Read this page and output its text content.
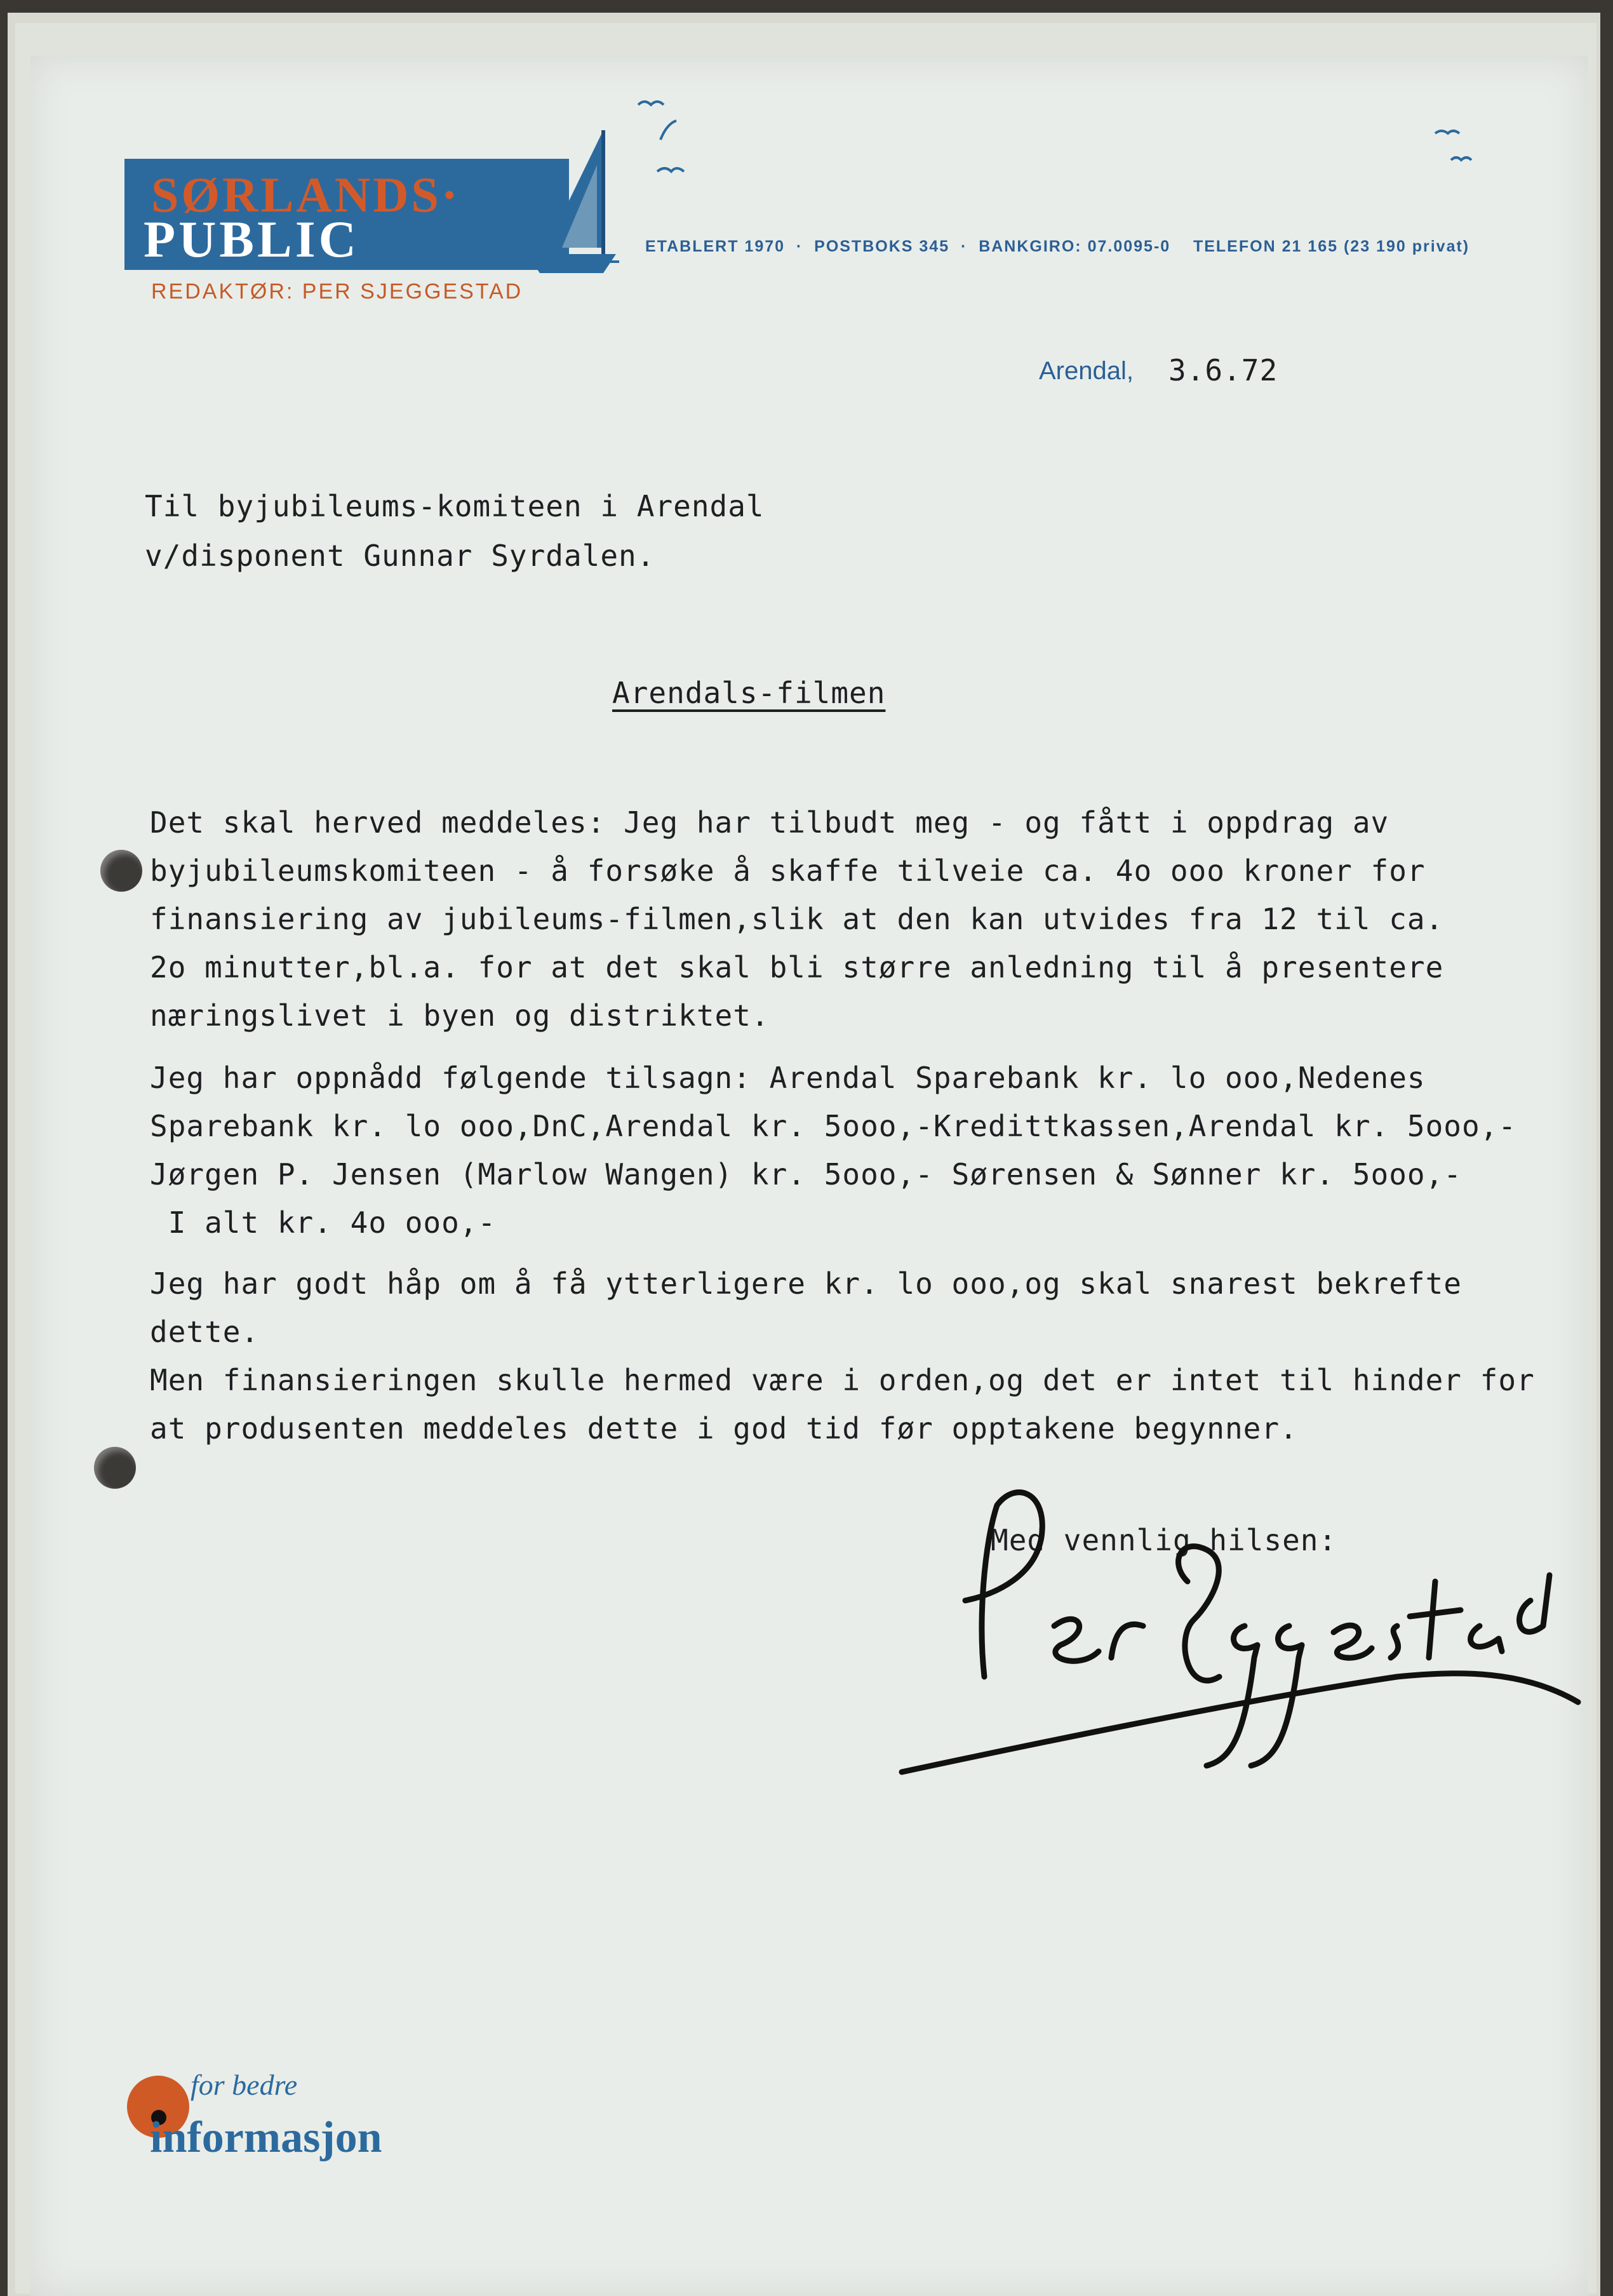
SØRLANDS·
PUBLIC
REDAKTØR: PER SJEGGESTAD
ETABLERT 1970  ·  POSTBOKS 345  ·  BANKGIRO: 07.0095-0    TELEFON 21 165 (23 190 privat)
Arendal, 3.6.72
Til byjubileums-komiteen i Arendal
v/disponent Gunnar Syrdalen.
Arendals-filmen
Det skal herved meddeles: Jeg har tilbudt meg - og fått i oppdrag av
byjubileumskomiteen - å forsøke å skaffe tilveie ca. 4o ooo kroner for
finansiering av jubileums-filmen,slik at den kan utvides fra 12 til ca.
2o minutter,bl.a. for at det skal bli større anledning til å presentere
næringslivet i byen og distriktet.
Jeg har oppnådd følgende tilsagn: Arendal Sparebank kr. lo ooo,Nedenes
Sparebank kr. lo ooo,DnC,Arendal kr. 5ooo,-Kredittkassen,Arendal kr. 5ooo,-
Jørgen P. Jensen (Marlow Wangen) kr. 5ooo,- Sørensen & Sønner kr. 5ooo,-
I alt kr. 4o ooo,-
Jeg har godt håp om å få ytterligere kr. lo ooo,og skal snarest bekrefte
dette.
Men finansieringen skulle hermed være i orden,og det er intet til hinder for
at produsenten meddeles dette i god tid før opptakene begynner.
Med vennlig hilsen:
for bedre
informasjon
